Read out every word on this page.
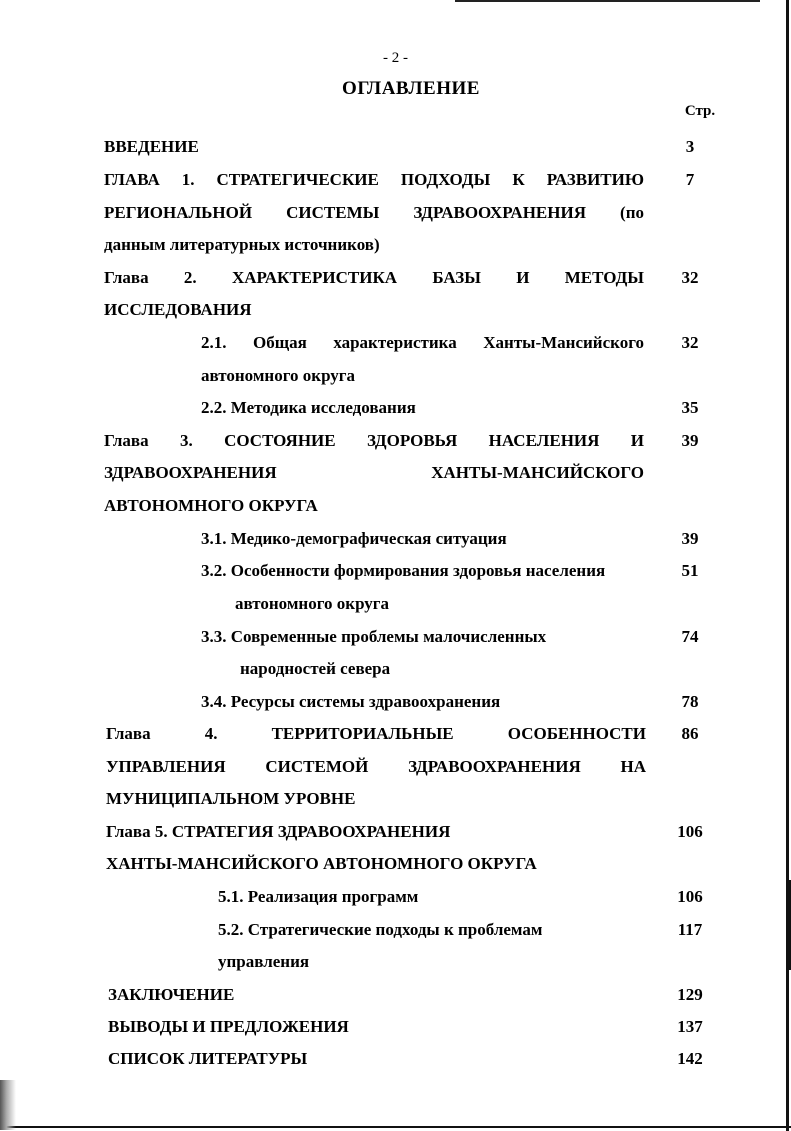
- 2 -
ОГЛАВЛЕНИЕ
Стр.
ВВЕДЕНИЕ	3
ГЛАВА 1. СТРАТЕГИЧЕСКИЕ ПОДХОДЫ К РАЗВИТИЮ	7
РЕГИОНАЛЬНОЙ СИСТЕМЫ ЗДРАВООХРАНЕНИЯ (по
данным литературных источников)
Глава 2. ХАРАКТЕРИСТИКА БАЗЫ И МЕТОДЫ	32
ИССЛЕДОВАНИЯ
2.1. Общая характеристика Ханты-Мансийского	32
автономного округа
2.2. Методика исследования	35
Глава 3. СОСТОЯНИЕ ЗДОРОВЬЯ НАСЕЛЕНИЯ И	39
ЗДРАВООХРАНЕНИЯ ХАНТЫ-МАНСИЙСКОГО
АВТОНОМНОГО ОКРУГА
3.1. Медико-демографическая ситуация	39
3.2. Особенности формирования здоровья населения	51
автономного округа
3.3. Современные проблемы малочисленных	74
народностей севера
3.4. Ресурсы системы здравоохранения	78
Глава 4. ТЕРРИТОРИАЛЬНЫЕ ОСОБЕННОСТИ	86
УПРАВЛЕНИЯ СИСТЕМОЙ ЗДРАВООХРАНЕНИЯ НА
МУНИЦИПАЛЬНОМ УРОВНЕ
Глава 5. СТРАТЕГИЯ ЗДРАВООХРАНЕНИЯ	106
ХАНТЫ-МАНСИЙСКОГО АВТОНОМНОГО ОКРУГА
5.1. Реализация программ	106
5.2. Стратегические подходы к проблемам	117
управления
ЗАКЛЮЧЕНИЕ	129
ВЫВОДЫ И ПРЕДЛОЖЕНИЯ	137
СПИСОК ЛИТЕРАТУРЫ	142
